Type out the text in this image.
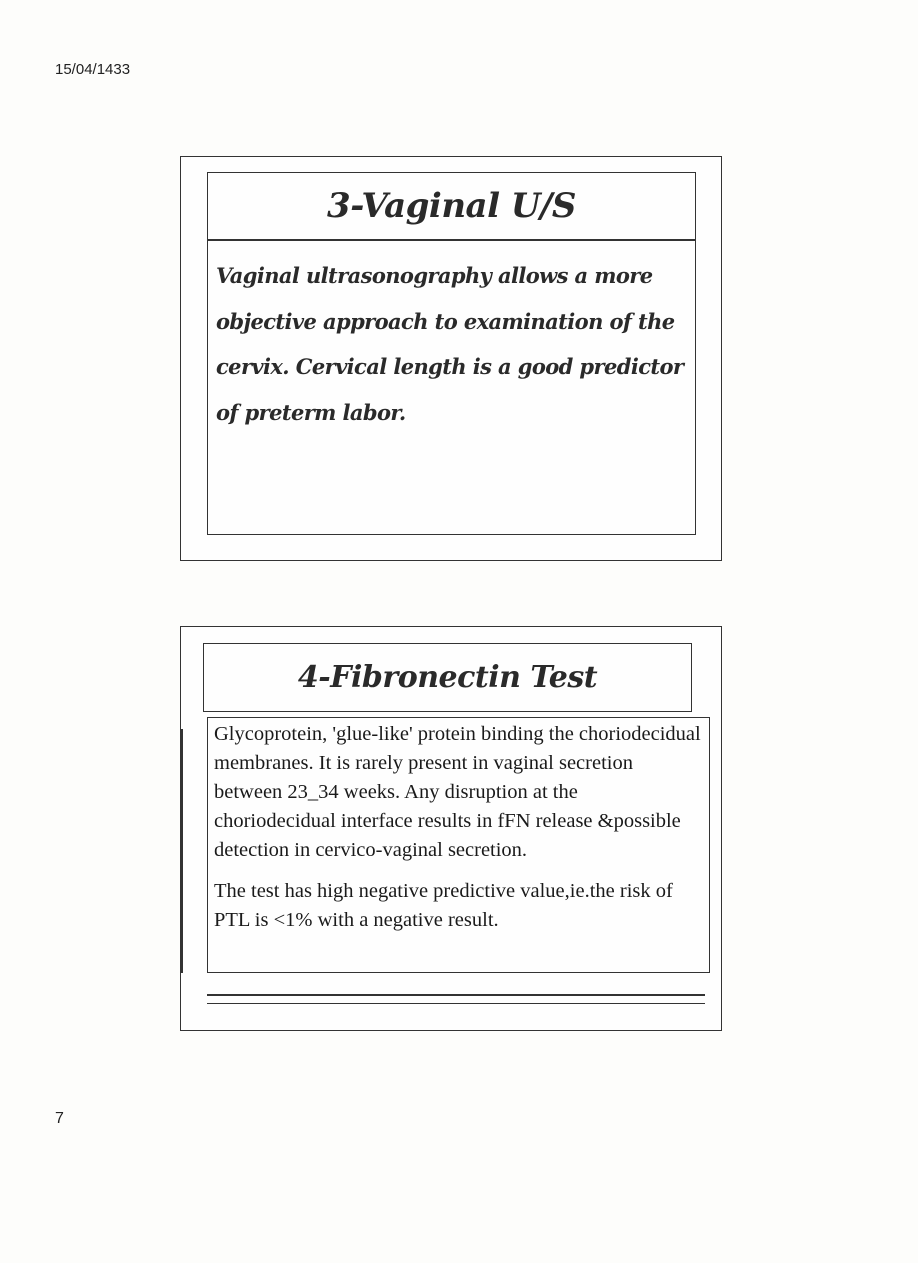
15/04/1433
3-Vaginal U/S

Vaginal ultrasonography allows a more objective approach to examination of the cervix. Cervical length is a good predictor of preterm labor.

4-Fibronectin Test

Glycoprotein, 'glue-like' protein binding the choriodecidual membranes. It is rarely present in vaginal secretion between 23_34 weeks. Any disruption at the choriodecidual interface results in fFN release &possible detection in cervico-vaginal secretion.

The test has high negative predictive value,ie.the risk of PTL is <1% with a negative result.

7
